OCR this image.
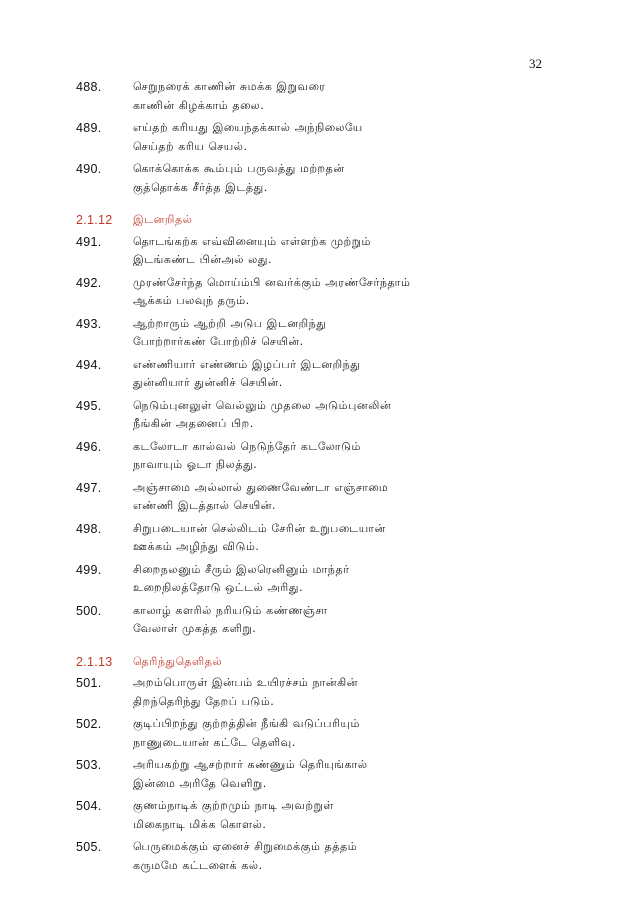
32
488.	செறுநரைக் காணின் சுமக்க இறுவரை
காணின் கிழக்காம் தலை.
489.	எய்தற் கரியது இயைந்தக்கால் அந்நிலையே
செய்தற் கரிய செயல்.
490.	கொக்கொக்க கூம்பும் பருவத்து மற்றதன்
குத்தொக்க சீர்த்த இடத்து.
2.1.12	இடனறிதல்
491.	தொடங்கற்க எவ்வினையும் எள்ளற்க முற்றும்
இடங்கண்ட பின்அல் லது.
492.	முரண்சேர்ந்த மொய்ம்பி னவர்க்கும் அரண்சேர்ந்தாம்
ஆக்கம் பலவுந் தரும்.
493.	ஆற்றாரும் ஆற்றி அடுப இடனறிந்து
போற்றார்கண் போற்றிச் செயின்.
494.	எண்ணியார் எண்ணம் இழப்பர் இடனறிந்து
துன்னியார் துன்னிச் செயின்.
495.	நெடும்புனலுள் வெல்லும் முதலை அடும்புனலின்
நீங்கின் அதனைப் பிற.
496.	கடலோடா கால்வல் நெடுந்தேர் கடலோடும்
நாவாயும் ஓடா நிலத்து.
497.	அஞ்சாமை அல்லால் துணைவேண்டா எஞ்சாமை
எண்ணி இடத்தால் செயின்.
498.	சிறுபடையான் செல்லிடம் சேரின் உறுபடையான்
ஊக்கம் அழிந்து விடும்.
499.	சிறைநலனும் சீரும் இலரெனினும் மாந்தர்
உறைநிலத்தோடு ஒட்டல் அரிது.
500.	காலாழ் களரில் நரியடும் கண்ணஞ்சா
வேலாள் முகத்த களிறு.
2.1.13	தெரிந்துதெளிதல்
501.	அறம்பொருள் இன்பம் உயிரச்சம் நான்கின்
திறந்தெரிந்து தேறப் படும்.
502.	குடிப்பிறந்து குற்றத்தின் நீங்கி வடுப்பரியும்
நாணுடையான் கட்டே தெளிவு.
503.	அரியகற்று ஆசற்றார் கண்ணும் தெரியுங்கால்
இன்மை அரிதே வெளிறு.
504.	குணம்நாடிக் குற்றமும் நாடி அவற்றுள்
மிகைநாடி மிக்க கொளல்.
505.	பெருமைக்கும் ஏனைச் சிறுமைக்கும் தத்தம்
கருமமே கட்டளைக் கல்.
